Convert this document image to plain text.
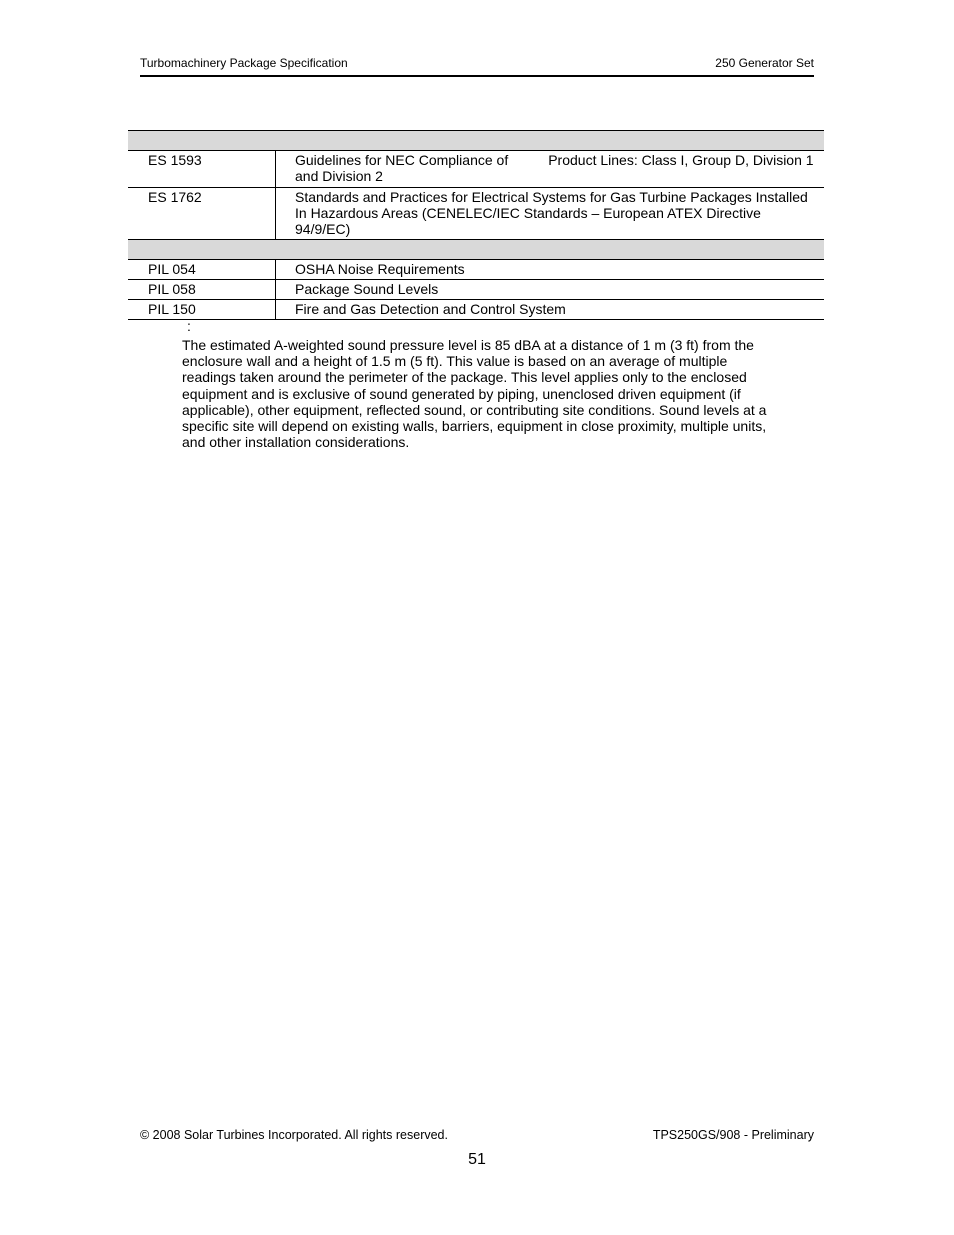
Turbomachinery Package Specification	250 Generator Set

ES 1593	Guidelines for NEC Compliance of Product Lines: Class I, Group D, Division 1 and Division 2
ES 1762	Standards and Practices for Electrical Systems for Gas Turbine Packages Installed In Hazardous Areas (CENELEC/IEC Standards – European ATEX Directive 94/9/EC)

PIL 054	OSHA Noise Requirements
PIL 058	Package Sound Levels
PIL 150	Fire and Gas Detection and Control System
:
The estimated A-weighted sound pressure level is 85 dBA at a distance of 1 m (3 ft) from the enclosure wall and a height of 1.5 m (5 ft). This value is based on an average of multiple readings taken around the perimeter of the package. This level applies only to the enclosed equipment and is exclusive of sound generated by piping, unenclosed driven equipment (if applicable), other equipment, reflected sound, or contributing site conditions. Sound levels at a specific site will depend on existing walls, barriers, equipment in close proximity, multiple units, and other installation considerations.
© 2008 Solar Turbines Incorporated. All rights reserved.	TPS250GS/908 - Preliminary
51
